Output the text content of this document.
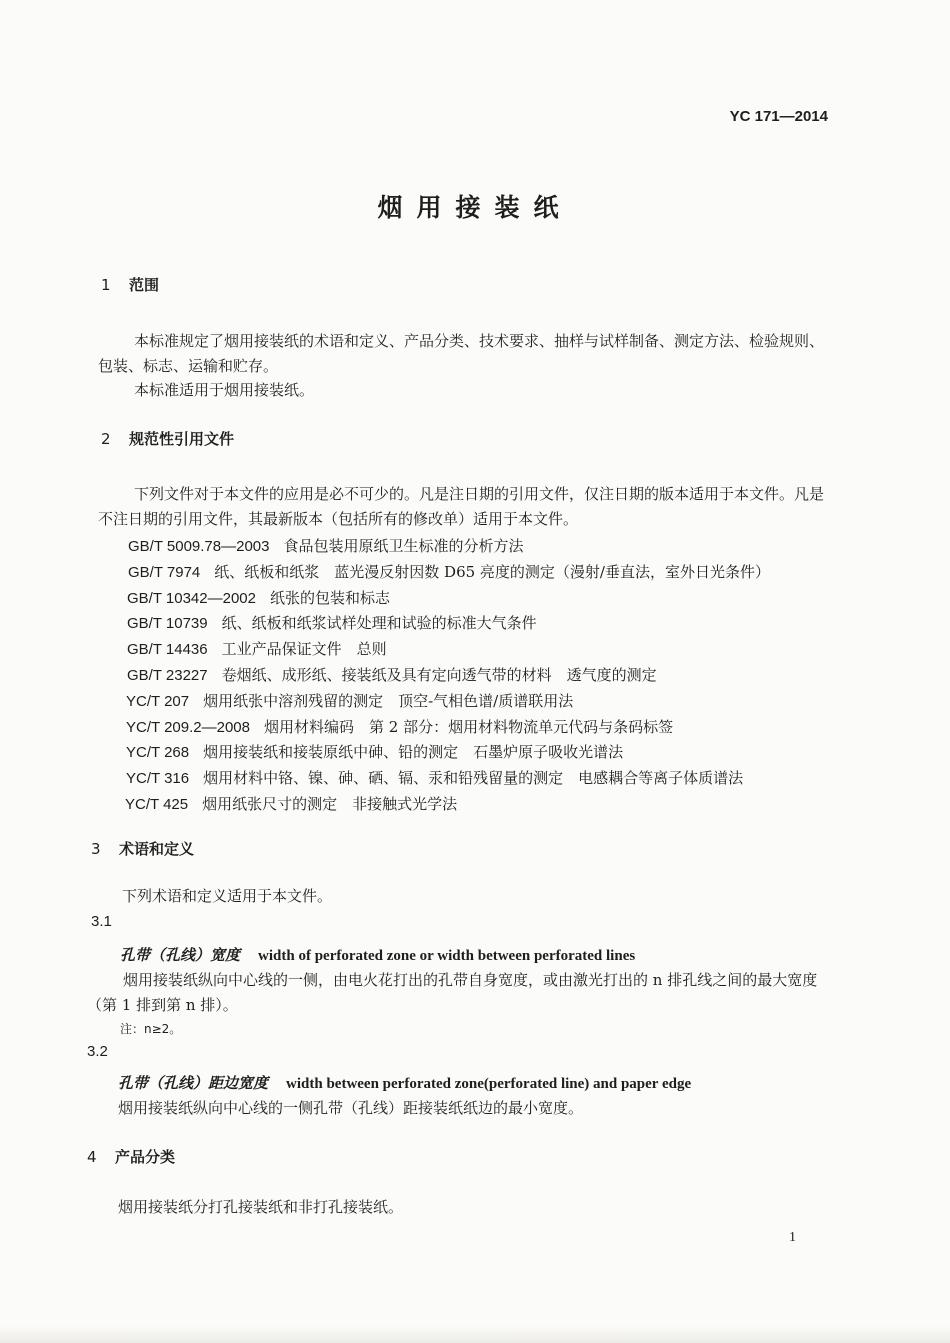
YC 171—2014
烟用接装纸
1 范围
本标准规定了烟用接装纸的术语和定义、产品分类、技术要求、抽样与试样制备、测定方法、检验规则、包装、标志、运输和贮存。
本标准适用于烟用接装纸。
2 规范性引用文件
下列文件对于本文件的应用是必不可少的。凡是注日期的引用文件，仅注日期的版本适用于本文件。凡是不注日期的引用文件，其最新版本（包括所有的修改单）适用于本文件。
GB/T 5009.78—2003 食品包装用原纸卫生标准的分析方法
GB/T 7974 纸、纸板和纸浆　蓝光漫反射因数 D65 亮度的测定（漫射/垂直法，室外日光条件）
GB/T 10342—2002 纸张的包装和标志
GB/T 10739 纸、纸板和纸浆试样处理和试验的标准大气条件
GB/T 14436 工业产品保证文件　总则
GB/T 23227 卷烟纸、成形纸、接装纸及具有定向透气带的材料　透气度的测定
YC/T 207 烟用纸张中溶剂残留的测定　顶空-气相色谱/质谱联用法
YC/T 209.2—2008 烟用材料编码　第 2 部分：烟用材料物流单元代码与条码标签
YC/T 268 烟用接装纸和接装原纸中砷、铅的测定　石墨炉原子吸收光谱法
YC/T 316 烟用材料中铬、镍、砷、硒、镉、汞和铅残留量的测定　电感耦合等离子体质谱法
YC/T 425 烟用纸张尺寸的测定　非接触式光学法
3 术语和定义
下列术语和定义适用于本文件。
3.1
孔带（孔线）宽度 width of perforated zone or width between perforated lines
烟用接装纸纵向中心线的一侧，由电火花打出的孔带自身宽度，或由激光打出的 n 排孔线之间的最大宽度（第 1 排到第 n 排）。
注：n≥2。
3.2
孔带（孔线）距边宽度 width between perforated zone(perforated line) and paper edge
烟用接装纸纵向中心线的一侧孔带（孔线）距接装纸纸边的最小宽度。
4 产品分类
烟用接装纸分打孔接装纸和非打孔接装纸。
1
